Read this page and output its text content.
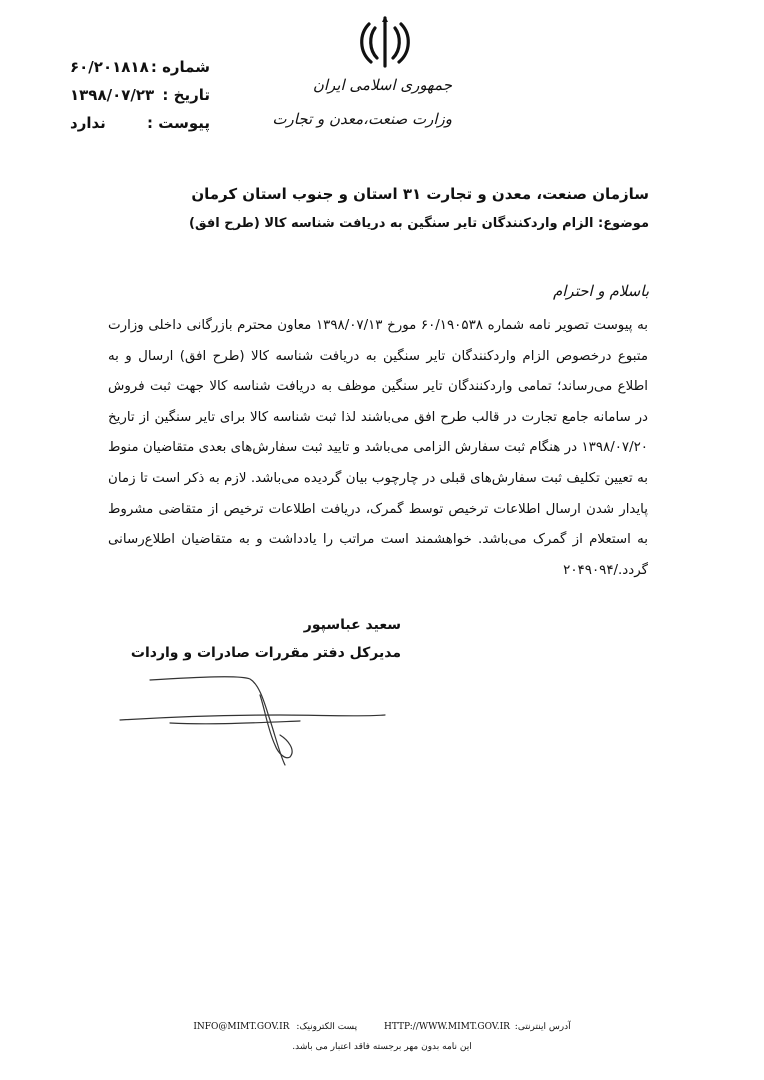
جمهوری اسلامی ایران
وزارت صنعت،معدن و تجارت
شماره :
۶۰/۲۰۱۸۱۸
تاریخ :
۱۳۹۸/۰۷/۲۳
پیوست :
ندارد
سازمان صنعت، معدن و تجارت ۳۱ استان و جنوب استان کرمان
موضوع: الزام واردکنندگان تایر سنگین به دریافت شناسه کالا (طرح افق)
باسلام و احترام
به پیوست تصویر نامه شماره ۶۰/۱۹۰۵۳۸ مورخ ۱۳۹۸/۰۷/۱۳ معاون محترم بازرگانی داخلی وزارت متبوع درخصوص الزام واردکنندگان تایر سنگین به دریافت شناسه کالا (طرح افق) ارسال و به اطلاع می‌رساند؛ تمامی واردکنندگان تایر سنگین موظف به دریافت شناسه کالا جهت ثبت فروش در سامانه جامع تجارت در قالب طرح افق می‌باشند لذا ثبت شناسه کالا برای تایر سنگین از تاریخ ۱۳۹۸/۰۷/۲۰ در هنگام ثبت سفارش الزامی می‌باشد و تایید ثبت سفارش‌های بعدی متقاضیان منوط به تعیین تکلیف ثبت سفارش‌های قبلی در چارچوب بیان گردیده می‌باشد. لازم به ذکر است تا زمان پایدار شدن ارسال اطلاعات ترخیص توسط گمرک، دریافت اطلاعات ترخیص از متقاضی مشروط به استعلام از گمرک می‌باشد. خواهشمند است مراتب را یادداشت و به متقاضیان اطلاع‌رسانی گردد./۲۰۴۹۰۹۴
سعید عباسپور
مدیرکل دفتر مقررات صادرات و واردات
INFO@MIMT.GOV.IR پست الکترونیک:	HTTP://WWW.MIMT.GOV.IR آدرس اینترنتی:
این نامه بدون مهر برجسته فاقد اعتبار می باشد.
